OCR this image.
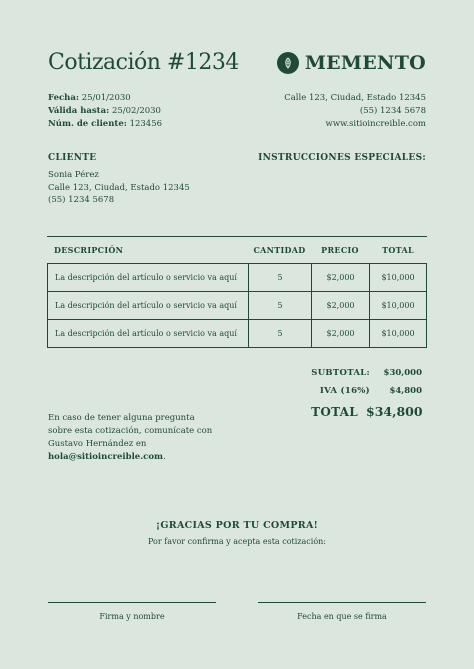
Cotización #1234	MEMENTO
Fecha: 25/01/2030
Válida hasta: 25/02/2030
Núm. de cliente: 123456
Calle 123, Ciudad, Estado 12345
(55) 1234 5678
www.sitioincreible.com
CLIENTE
Sonia Pérez
Calle 123, Ciudad, Estado 12345
(55) 1234 5678
INSTRUCCIONES ESPECIALES:
DESCRIPCIÓN	CANTIDAD	PRECIO	TOTAL
La descripción del artículo o servicio va aquí	5	$2,000	$10,000
La descripción del artículo o servicio va aquí	5	$2,000	$10,000
La descripción del artículo o servicio va aquí	5	$2,000	$10,000
SUBTOTAL:	$30,000
IVA (16%)	$4,800
TOTAL $34,800
En caso de tener alguna pregunta sobre esta cotización, comunícate con Gustavo Hernández en hola@sitioincreible.com.
¡GRACIAS POR TU COMPRA!
Por favor confirma y acepta esta cotización:
Firma y nombre	Fecha en que se firma
